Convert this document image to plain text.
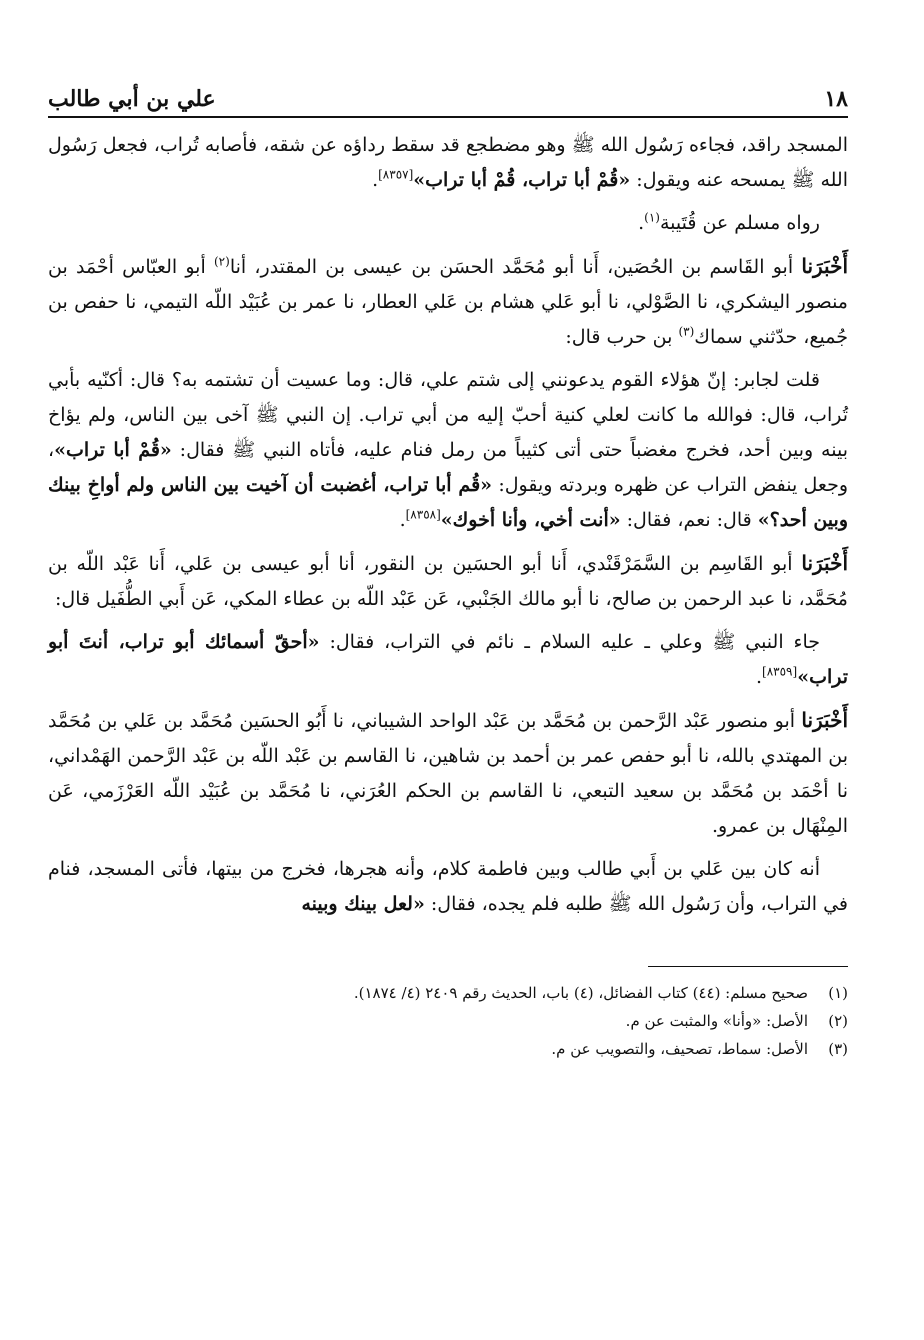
١٨
علي بن أبي طالب

المسجد راقد، فجاءه رَسُول الله ﷺ وهو مضطجع قد سقط رداؤه عن شقه، فأصابه تُراب، فجعل رَسُول الله ﷺ يمسحه عنه ويقول: «قُمْ أبا تراب، قُمْ أبا تراب»[٨٣٥٧].

رواه مسلم عن قُتَيبة$^{(١)}$.

أَخْبَرَنا أبو القَاسم بن الحُصَين، أَنا أبو مُحَمَّد الحسَن بن عيسى بن المقتدر، أنا$^{(٢)}$ أبو العبّاس أحْمَد بن منصور اليشكري، نا الصَّوْلي، نا أبو عَلي هشام بن عَلي العطار، نا عمر بن عُبَيْد اللّه التيمي، نا حفص بن جُميع، حدّثني سماك$^{(٣)}$ بن حرب قال:

قلت لجابر: إنّ هؤلاء القوم يدعونني إلى شتم علي، قال: وما عسيت أن تشتمه به؟ قال: أكنّيه بأبي تُراب، قال: فوالله ما كانت لعلي كنية أحبّ إليه من أبي تراب. إن النبي ﷺ آخى بين الناس، ولم يؤاخ بينه وبين أحد، فخرج مغضباً حتى أتى كثيباً من رمل فنام عليه، فأتاه النبي ﷺ فقال: «قُمْ أبا تراب»، وجعل ينفض التراب عن ظهره وبردته ويقول: «قُم أبا تراب، أغضبت أن آخيت بين الناس ولم أواخِ بينك وبين أحد؟» قال: نعم، فقال: «أنت أخي، وأنا أخوك»[٨٣٥٨].

أَخْبَرَنا أبو القَاسِم بن السَّمَرْقَنْدي، أَنا أبو الحسَين بن النقور، أنا أبو عيسى بن عَلي، أَنا عَبْد اللّه بن مُحَمَّد، نا عبد الرحمن بن صالح، نا أبو مالك الجَنْبي، عَن عَبْد اللّه بن عطاء المكي، عَن أَبي الطُّفَيل قال:

جاء النبي ﷺ وعلي ـ عليه السلام ـ نائم في التراب، فقال: «أحقّ أسمائك أبو تراب، أنتَ أبو تراب»[٨٣٥٩].

أَخْبَرَنا أبو منصور عَبْد الرَّحمن بن مُحَمَّد بن عَبْد الواحد الشيباني، نا أَبُو الحسَين مُحَمَّد بن عَلي بن مُحَمَّد بن المهتدي بالله، نا أبو حفص عمر بن أحمد بن شاهين، نا القاسم بن عَبْد اللّه بن عَبْد الرَّحمن الهَمْداني، نا أحْمَد بن مُحَمَّد بن سعيد التبعي، نا القاسم بن الحكم العُرَني، نا مُحَمَّد بن عُبَيْد اللّه العَرْزَمي، عَن المِنْهَال بن عمرو.

أنه كان بين عَلي بن أَبي طالب وبين فاطمة كلام، وأنه هجرها، فخرج من بيتها، فأتى المسجد، فنام في التراب، وأن رَسُول الله ﷺ طلبه فلم يجده، فقال: «لعل بينك وبينه

(١)
صحيح مسلم: (٤٤) كتاب الفضائل، (٤) باب، الحديث رقم ٢٤٠٩ (٤/ ١٨٧٤).
(٢)
الأصل: «وأنا» والمثبت عن م.
(٣)
الأصل: سماط، تصحيف، والتصويب عن م.
